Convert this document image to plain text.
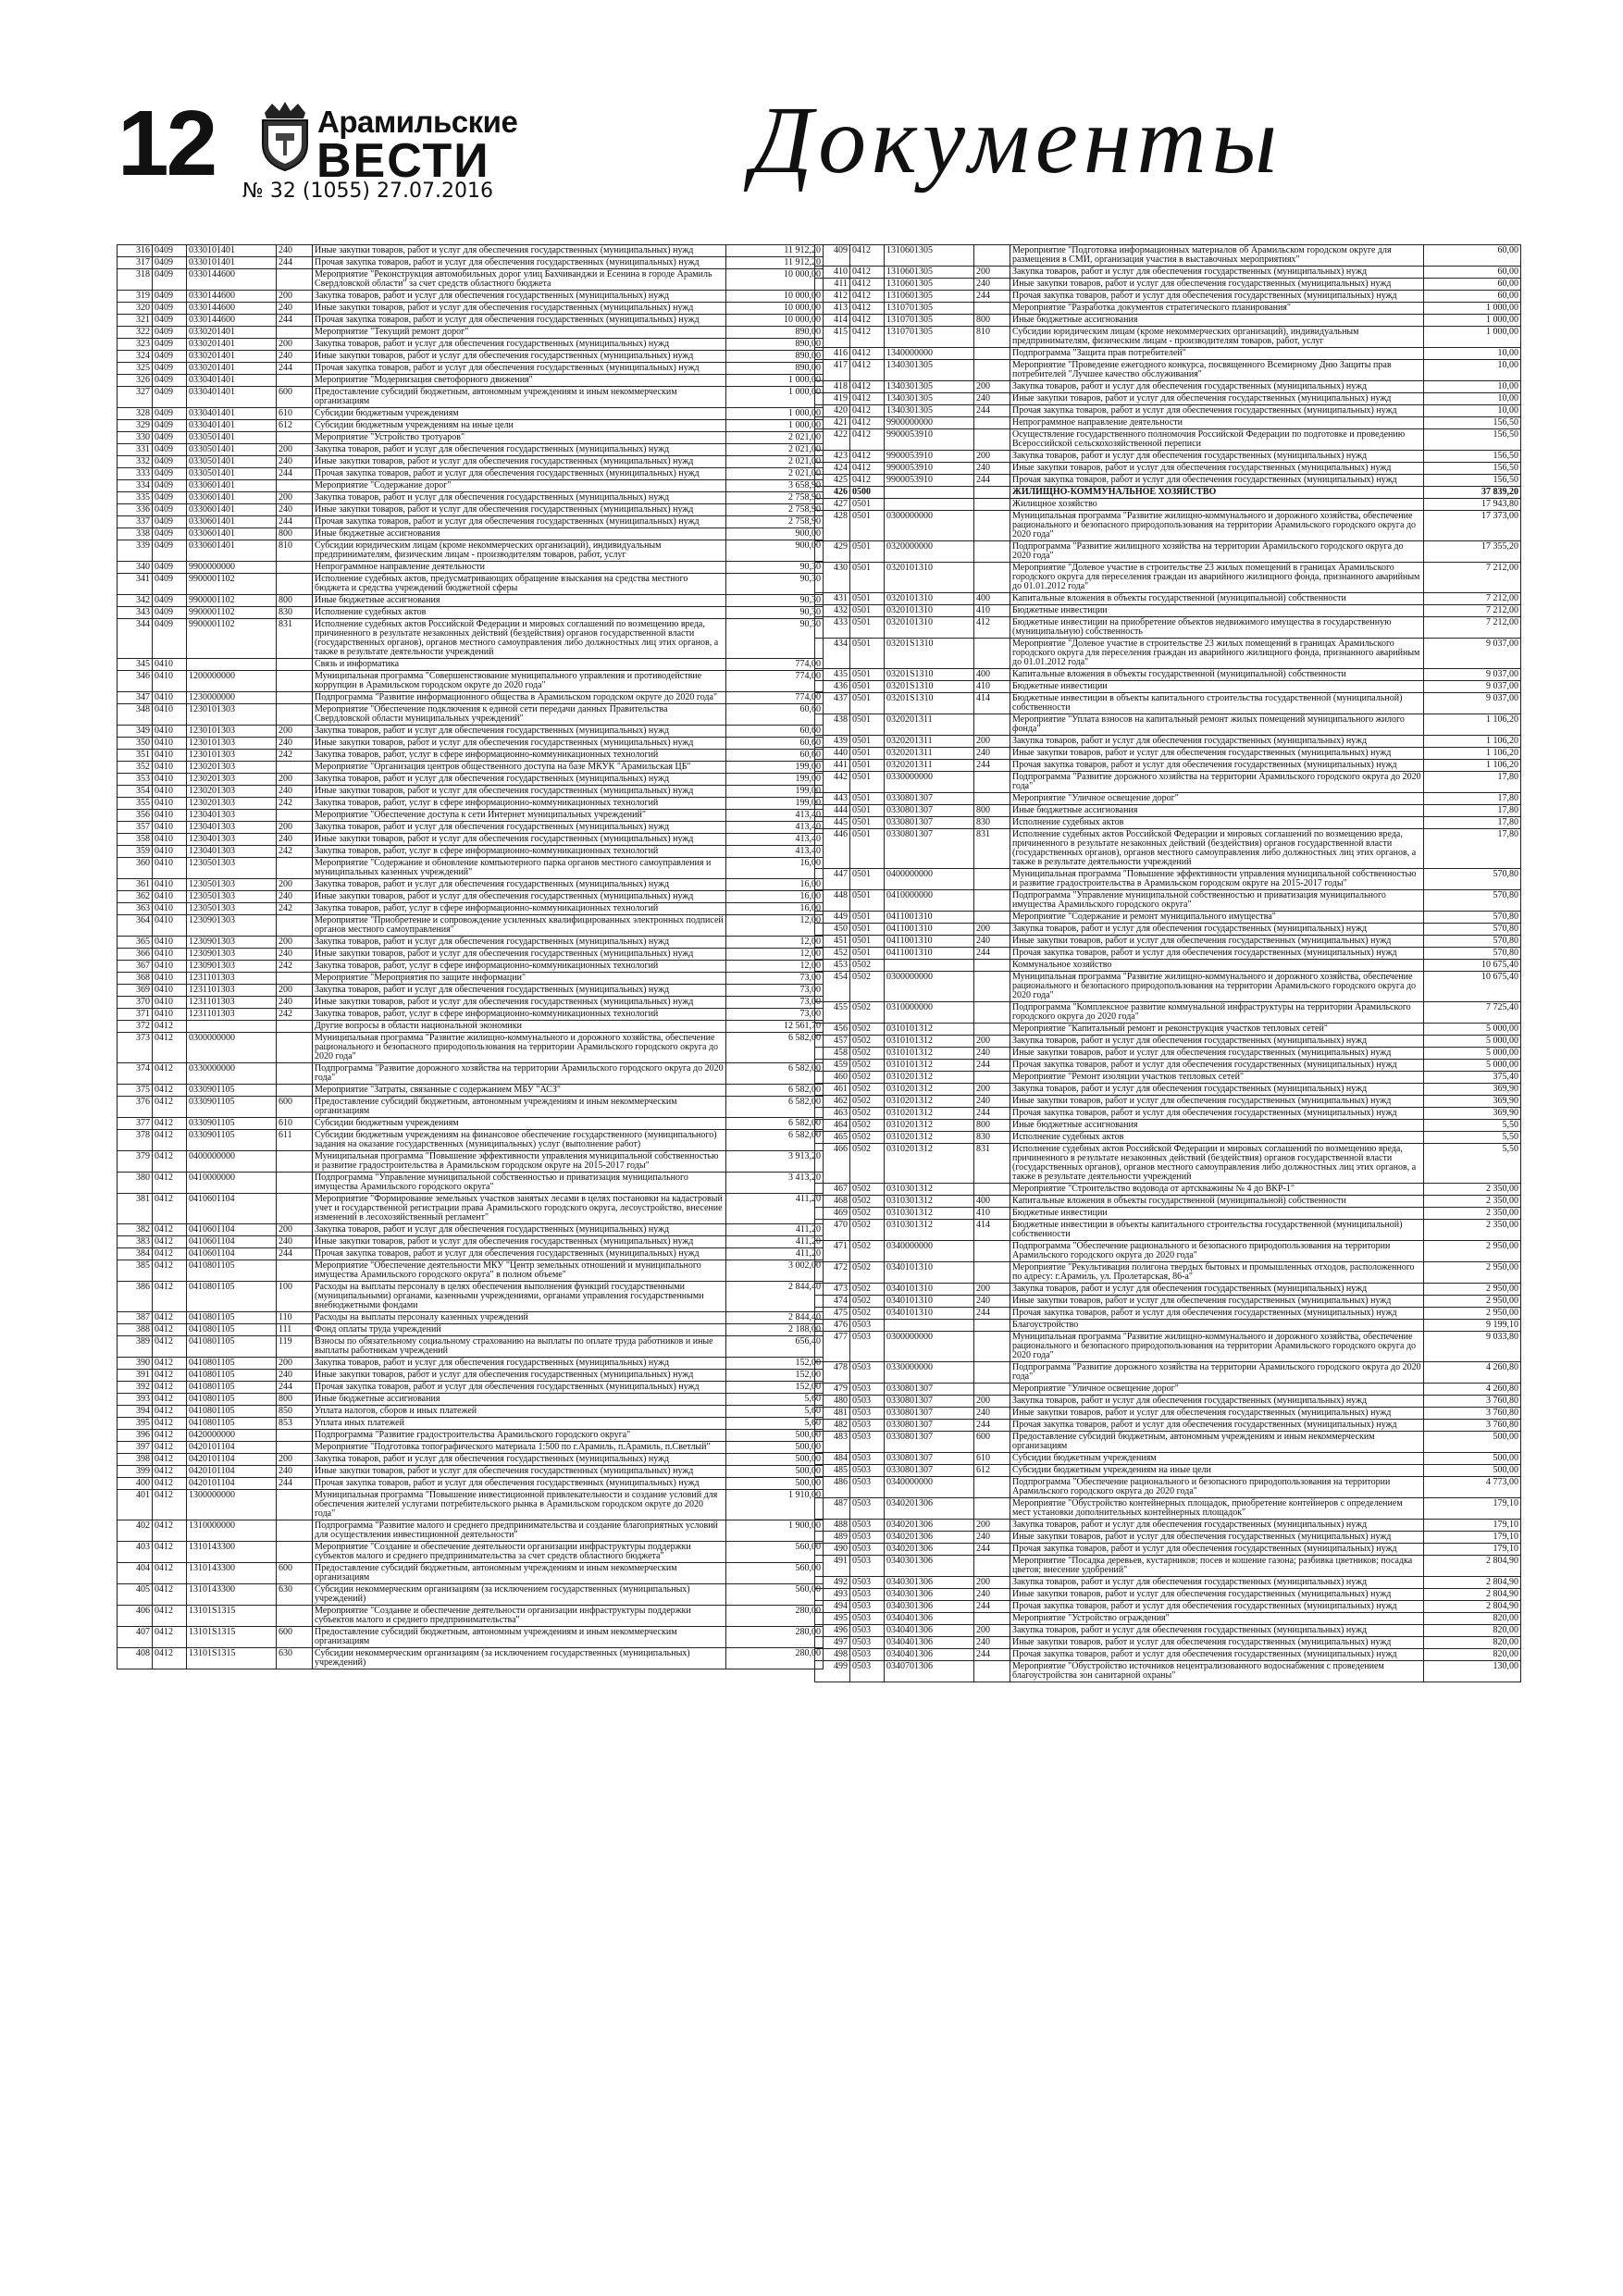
12	Арамильские
ВЕСТИ
№ 32 (1055) 27.07.2016	Документы
316	0409	0330101401	240	Иные закупки товаров, работ и услуг для обеспечения государственных (муниципальных) нужд	11 912,20
317	0409	0330101401	244	Прочая закупка товаров, работ и услуг для обеспечения государственных (муниципальных) нужд	11 912,20
318	0409	0330144600		Мероприятие "Реконструкция автомобильных дорог улиц Бахчиванджи и Есенина в городе Арамиль Свердловской области" за счет средств областного бюджета	10 000,00
319	0409	0330144600	200	Закупка товаров, работ и услуг для обеспечения государственных (муниципальных) нужд	10 000,00
320	0409	0330144600	240	Иные закупки товаров, работ и услуг для обеспечения государственных (муниципальных) нужд	10 000,00
321	0409	0330144600	244	Прочая закупка товаров, работ и услуг для обеспечения государственных (муниципальных) нужд	10 000,00
322	0409	0330201401		Мероприятие "Текущий ремонт дорог"	890,00
323	0409	0330201401	200	Закупка товаров, работ и услуг для обеспечения государственных (муниципальных) нужд	890,00
324	0409	0330201401	240	Иные закупки товаров, работ и услуг для обеспечения государственных (муниципальных) нужд	890,00
325	0409	0330201401	244	Прочая закупка товаров, работ и услуг для обеспечения государственных (муниципальных) нужд	890,00
326	0409	0330401401		Мероприятие "Модернизация светофорного движения"	1 000,00
327	0409	0330401401	600	Предоставление субсидий бюджетным, автономным учреждениям и иным некоммерческим организациям	1 000,00
328	0409	0330401401	610	Субсидии бюджетным учреждениям	1 000,00
329	0409	0330401401	612	Субсидии бюджетным учреждениям на иные цели	1 000,00
330	0409	0330501401		Мероприятие "Устройство тротуаров"	2 021,00
331	0409	0330501401	200	Закупка товаров, работ и услуг для обеспечения государственных (муниципальных) нужд	2 021,00
332	0409	0330501401	240	Иные закупки товаров, работ и услуг для обеспечения государственных (муниципальных) нужд	2 021,00
333	0409	0330501401	244	Прочая закупка товаров, работ и услуг для обеспечения государственных (муниципальных) нужд	2 021,00
334	0409	0330601401		Мероприятие "Содержание дорог"	3 658,90
335	0409	0330601401	200	Закупка товаров, работ и услуг для обеспечения государственных (муниципальных) нужд	2 758,90
336	0409	0330601401	240	Иные закупки товаров, работ и услуг для обеспечения государственных (муниципальных) нужд	2 758,90
337	0409	0330601401	244	Прочая закупка товаров, работ и услуг для обеспечения государственных (муниципальных) нужд	2 758,90
338	0409	0330601401	800	Иные бюджетные ассигнования	900,00
339	0409	0330601401	810	Субсидии юридическим лицам (кроме некоммерческих организаций), индивидуальным предпринимателям, физическим лицам - производителям товаров, работ, услуг	900,00
340	0409	9900000000		Непрограммное направление деятельности	90,30
341	0409	9900001102		Исполнение судебных актов, предусматривающих обращение взыскания на средства местного бюджета и средства учреждений бюджетной сферы	90,30
342	0409	9900001102	800	Иные бюджетные ассигнования	90,30
343	0409	9900001102	830	Исполнение судебных актов	90,30
344	0409	9900001102	831	Исполнение судебных актов Российской Федерации и мировых соглашений по возмещению вреда, причиненного в результате незаконных действий (бездействия) органов государственной власти (государственных органов), органов местного самоуправления либо должностных лиц этих органов, а также в результате деятельности учреждений	90,30
345	0410			Связь и информатика	774,00
346	0410	1200000000		Муниципальная программа "Совершенствование муниципального управления и противодействие коррупции в Арамильском городском округе до 2020 года"	774,00
347	0410	1230000000		Подпрограмма "Развитие информационного общества в Арамильском городском округе до 2020 года"	774,00
348	0410	1230101303		Мероприятие "Обеспечение подключения к единой сети передачи данных Правительства Свердловской области муниципальных учреждений"	60,60
349	0410	1230101303	200	Закупка товаров, работ и услуг для обеспечения государственных (муниципальных) нужд	60,60
350	0410	1230101303	240	Иные закупки товаров, работ и услуг для обеспечения государственных (муниципальных) нужд	60,60
351	0410	1230101303	242	Закупка товаров, работ, услуг в сфере информационно-коммуникационных технологий	60,60
352	0410	1230201303		Мероприятие "Организация центров общественного доступа на базе МКУК "Арамильская ЦБ"	199,00
353	0410	1230201303	200	Закупка товаров, работ и услуг для обеспечения государственных (муниципальных) нужд	199,00
354	0410	1230201303	240	Иные закупки товаров, работ и услуг для обеспечения государственных (муниципальных) нужд	199,00
355	0410	1230201303	242	Закупка товаров, работ, услуг в сфере информационно-коммуникационных технологий	199,00
356	0410	1230401303		Мероприятие "Обеспечение доступа к сети Интернет муниципальных учреждений"	413,40
357	0410	1230401303	200	Закупка товаров, работ и услуг для обеспечения государственных (муниципальных) нужд	413,40
358	0410	1230401303	240	Иные закупки товаров, работ и услуг для обеспечения государственных (муниципальных) нужд	413,40
359	0410	1230401303	242	Закупка товаров, работ, услуг в сфере информационно-коммуникационных технологий	413,40
360	0410	1230501303		Мероприятие "Содержание и обновление компьютерного парка органов местного самоуправления и муниципальных казенных учреждений"	16,00
361	0410	1230501303	200	Закупка товаров, работ и услуг для обеспечения государственных (муниципальных) нужд	16,00
362	0410	1230501303	240	Иные закупки товаров, работ и услуг для обеспечения государственных (муниципальных) нужд	16,00
363	0410	1230501303	242	Закупка товаров, работ, услуг в сфере информационно-коммуникационных технологий	16,00
364	0410	1230901303		Мероприятие "Приобретение и сопровождение усиленных квалифицированных электронных подписей органов местного самоуправления"	12,00
365	0410	1230901303	200	Закупка товаров, работ и услуг для обеспечения государственных (муниципальных) нужд	12,00
366	0410	1230901303	240	Иные закупки товаров, работ и услуг для обеспечения государственных (муниципальных) нужд	12,00
367	0410	1230901303	242	Закупка товаров, работ, услуг в сфере информационно-коммуникационных технологий	12,00
368	0410	1231101303		Мероприятие "Мероприятия по защите информации"	73,00
369	0410	1231101303	200	Закупка товаров, работ и услуг для обеспечения государственных (муниципальных) нужд	73,00
370	0410	1231101303	240	Иные закупки товаров, работ и услуг для обеспечения государственных (муниципальных) нужд	73,00
371	0410	1231101303	242	Закупка товаров, работ, услуг в сфере информационно-коммуникационных технологий	73,00
372	0412			Другие вопросы в области национальной экономики	12 561,70
373	0412	0300000000		Муниципальная программа "Развитие жилищно-коммунального и дорожного хозяйства, обеспечение рационального и безопасного природопользования на территории Арамильского городского округа до 2020 года"	6 582,00
374	0412	0330000000		Подпрограмма "Развитие дорожного хозяйства на территории Арамильского городского округа до 2020 года"	6 582,00
375	0412	0330901105		Мероприятие "Затраты, связанные с содержанием МБУ "АСЗ"	6 582,00
376	0412	0330901105	600	Предоставление субсидий бюджетным, автономным учреждениям и иным некоммерческим организациям	6 582,00
377	0412	0330901105	610	Субсидии бюджетным учреждениям	6 582,00
378	0412	0330901105	611	Субсидии бюджетным учреждениям на финансовое обеспечение государственного (муниципального) задания на оказание государственных (муниципальных) услуг (выполнение работ)	6 582,00
379	0412	0400000000		Муниципальная программа "Повышение эффективности управления муниципальной собственностью и развитие градостроительства в Арамильском городском округе на 2015-2017 годы"	3 913,20
380	0412	0410000000		Подпрограмма "Управление муниципальной собственностью и приватизация муниципального имущества Арамильского городского округа"	3 413,20
381	0412	0410601104		Мероприятие "Формирование земельных участков занятых лесами в целях постановки на кадастровый учет и государственной регистрации права Арамильского городского округа, лесоустройство, внесение изменений в лесохозяйственный регламент"	411,20
382	0412	0410601104	200	Закупка товаров, работ и услуг для обеспечения государственных (муниципальных) нужд	411,20
383	0412	0410601104	240	Иные закупки товаров, работ и услуг для обеспечения государственных (муниципальных) нужд	411,20
384	0412	0410601104	244	Прочая закупка товаров, работ и услуг для обеспечения государственных (муниципальных) нужд	411,20
385	0412	0410801105		Мероприятие "Обеспечение деятельности МКУ "Центр земельных отношений и муниципального имущества Арамильского городского округа" в полном объеме"	3 002,00
386	0412	0410801105	100	Расходы на выплаты персоналу в целях обеспечения выполнения функций государственными (муниципальными) органами, казенными учреждениями, органами управления государственными внебюджетными фондами	2 844,40
387	0412	0410801105	110	Расходы на выплаты персоналу казенных учреждений	2 844,40
388	0412	0410801105	111	Фонд оплаты труда учреждений	2 188,00
389	0412	0410801105	119	Взносы по обязательному социальному страхованию на выплаты по оплате труда работников и иные выплаты работникам учреждений	656,40
390	0412	0410801105	200	Закупка товаров, работ и услуг для обеспечения государственных (муниципальных) нужд	152,00
391	0412	0410801105	240	Иные закупки товаров, работ и услуг для обеспечения государственных (муниципальных) нужд	152,00
392	0412	0410801105	244	Прочая закупка товаров, работ и услуг для обеспечения государственных (муниципальных) нужд	152,00
393	0412	0410801105	800	Иные бюджетные ассигнования	5,60
394	0412	0410801105	850	Уплата налогов, сборов и иных платежей	5,60
395	0412	0410801105	853	Уплата иных платежей	5,60
396	0412	0420000000		Подпрограмма "Развитие градостроительства Арамильского городского округа"	500,00
397	0412	0420101104		Мероприятие "Подготовка топографического материала 1:500 по г.Арамиль, п.Арамиль, п.Светлый"	500,00
398	0412	0420101104	200	Закупка товаров, работ и услуг для обеспечения государственных (муниципальных) нужд	500,00
399	0412	0420101104	240	Иные закупки товаров, работ и услуг для обеспечения государственных (муниципальных) нужд	500,00
400	0412	0420101104	244	Прочая закупка товаров, работ и услуг для обеспечения государственных (муниципальных) нужд	500,00
401	0412	1300000000		Муниципальная программа "Повышение инвестиционной привлекательности и создание условий для обеспечения жителей услугами потребительского рынка в Арамильском городском округе до 2020 года"	1 910,00
402	0412	1310000000		Подпрограмма "Развитие малого и среднего предпринимательства и создание благоприятных условий для осуществления инвестиционной деятельности"	1 900,00
403	0412	1310143300		Мероприятие "Создание и обеспечение деятельности организации инфраструктуры поддержки субъектов малого и среднего предпринимательства за счет средств областного бюджета"	560,00
404	0412	1310143300	600	Предоставление субсидий бюджетным, автономным учреждениям и иным некоммерческим организациям	560,00
405	0412	1310143300	630	Субсидии некоммерческим организациям (за исключением государственных (муниципальных) учреждений)	560,00
406	0412	13101S1315		Мероприятие "Создание и обеспечение деятельности организации инфраструктуры поддержки субъектов малого и среднего предпринимательства"	280,00
407	0412	13101S1315	600	Предоставление субсидий бюджетным, автономным учреждениям и иным некоммерческим организациям	280,00
408	0412	13101S1315	630	Субсидии некоммерческим организациям (за исключением государственных (муниципальных) учреждений)	280,00
409	0412	1310601305		Мероприятие "Подготовка информационных материалов об Арамильском городском округе для размещения в СМИ, организация участия в выставочных мероприятиях"	60,00
410	0412	1310601305	200	Закупка товаров, работ и услуг для обеспечения государственных (муниципальных) нужд	60,00
411	0412	1310601305	240	Иные закупки товаров, работ и услуг для обеспечения государственных (муниципальных) нужд	60,00
412	0412	1310601305	244	Прочая закупка товаров, работ и услуг для обеспечения государственных (муниципальных) нужд	60,00
413	0412	1310701305		Мероприятие "Разработка документов стратегического планирования"	1 000,00
414	0412	1310701305	800	Иные бюджетные ассигнования	1 000,00
415	0412	1310701305	810	Субсидии юридическим лицам (кроме некоммерческих организаций), индивидуальным предпринимателям, физическим лицам - производителям товаров, работ, услуг	1 000,00
416	0412	1340000000		Подпрограмма "Защита прав потребителей"	10,00
417	0412	1340301305		Мероприятие "Проведение ежегодного конкурса, посвященного Всемирному Дню Защиты прав потребителей "Лучшее качество обслуживания"	10,00
418	0412	1340301305	200	Закупка товаров, работ и услуг для обеспечения государственных (муниципальных) нужд	10,00
419	0412	1340301305	240	Иные закупки товаров, работ и услуг для обеспечения государственных (муниципальных) нужд	10,00
420	0412	1340301305	244	Прочая закупка товаров, работ и услуг для обеспечения государственных (муниципальных) нужд	10,00
421	0412	9900000000		Непрограммное направление деятельности	156,50
422	0412	9900053910		Осуществление государственного полномочия Российской Федерации по подготовке и проведению Всероссийской сельскохозяйственной переписи	156,50
423	0412	9900053910	200	Закупка товаров, работ и услуг для обеспечения государственных (муниципальных) нужд	156,50
424	0412	9900053910	240	Иные закупки товаров, работ и услуг для обеспечения государственных (муниципальных) нужд	156,50
425	0412	9900053910	244	Прочая закупка товаров, работ и услуг для обеспечения государственных (муниципальных) нужд	156,50
426	0500			ЖИЛИЩНО-КОММУНАЛЬНОЕ ХОЗЯЙСТВО	37 839,20
427	0501			Жилищное хозяйство	17 943,80
428	0501	0300000000		Муниципальная программа "Развитие жилищно-коммунального и дорожного хозяйства, обеспечение рационального и безопасного природопользования на территории Арамильского городского округа до 2020 года"	17 373,00
429	0501	0320000000		Подпрограмма "Развитие жилищного хозяйства на территории Арамильского городского округа до 2020 года"	17 355,20
430	0501	0320101310		Мероприятие "Долевое участие в строительстве 23 жилых помещений в границах Арамильского городского округа для переселения граждан из аварийного жилищного фонда, признанного аварийным до 01.01.2012 года"	7 212,00
431	0501	0320101310	400	Капитальные вложения в объекты государственной (муниципальной) собственности	7 212,00
432	0501	0320101310	410	Бюджетные инвестиции	7 212,00
433	0501	0320101310	412	Бюджетные инвестиции на приобретение объектов недвижимого имущества в государственную (муниципальную) собственность	7 212,00
434	0501	03201S1310		Мероприятие "Долевое участие в строительстве 23 жилых помещений в границах Арамильского городского округа для переселения граждан из аварийного жилищного фонда, признанного аварийным до 01.01.2012 года"	9 037,00
435	0501	03201S1310	400	Капитальные вложения в объекты государственной (муниципальной) собственности	9 037,00
436	0501	03201S1310	410	Бюджетные инвестиции	9 037,00
437	0501	03201S1310	414	Бюджетные инвестиции в объекты капитального строительства государственной (муниципальной) собственности	9 037,00
438	0501	0320201311		Мероприятие "Уплата взносов на капитальный ремонт жилых помещений муниципального жилого фонда"	1 106,20
439	0501	0320201311	200	Закупка товаров, работ и услуг для обеспечения государственных (муниципальных) нужд	1 106,20
440	0501	0320201311	240	Иные закупки товаров, работ и услуг для обеспечения государственных (муниципальных) нужд	1 106,20
441	0501	0320201311	244	Прочая закупка товаров, работ и услуг для обеспечения государственных (муниципальных) нужд	1 106,20
442	0501	0330000000		Подпрограмма "Развитие дорожного хозяйства на территории Арамильского городского округа до 2020 года"	17,80
443	0501	0330801307		Мероприятие "Уличное освещение дорог"	17,80
444	0501	0330801307	800	Иные бюджетные ассигнования	17,80
445	0501	0330801307	830	Исполнение судебных актов	17,80
446	0501	0330801307	831	Исполнение судебных актов Российской Федерации и мировых соглашений по возмещению вреда, причиненного в результате незаконных действий (бездействия) органов государственной власти (государственных органов), органов местного самоуправления либо должностных лиц этих органов, а также в результате деятельности учреждений	17,80
447	0501	0400000000		Муниципальная программа "Повышение эффективности управления муниципальной собственностью и развитие градостроительства в Арамильском городском округе на 2015-2017 годы"	570,80
448	0501	0410000000		Подпрограмма "Управление муниципальной собственностью и приватизация муниципального имущества Арамильского городского округа"	570,80
449	0501	0411001310		Мероприятие "Содержание и ремонт муниципального имущества"	570,80
450	0501	0411001310	200	Закупка товаров, работ и услуг для обеспечения государственных (муниципальных) нужд	570,80
451	0501	0411001310	240	Иные закупки товаров, работ и услуг для обеспечения государственных (муниципальных) нужд	570,80
452	0501	0411001310	244	Прочая закупка товаров, работ и услуг для обеспечения государственных (муниципальных) нужд	570,80
453	0502			Коммунальное хозяйство	10 675,40
454	0502	0300000000		Муниципальная программа "Развитие жилищно-коммунального и дорожного хозяйства, обеспечение рационального и безопасного природопользования на территории Арамильского городского округа до 2020 года"	10 675,40
455	0502	0310000000		Подпрограмма "Комплексное развитие коммунальной инфраструктуры на территории Арамильского городского округа до 2020 года"	7 725,40
456	0502	0310101312		Мероприятие "Капитальный ремонт и реконструкция участков тепловых сетей"	5 000,00
457	0502	0310101312	200	Закупка товаров, работ и услуг для обеспечения государственных (муниципальных) нужд	5 000,00
458	0502	0310101312	240	Иные закупки товаров, работ и услуг для обеспечения государственных (муниципальных) нужд	5 000,00
459	0502	0310101312	244	Прочая закупка товаров, работ и услуг для обеспечения государственных (муниципальных) нужд	5 000,00
460	0502	0310201312		Мероприятие "Ремонт изоляции участков тепловых сетей"	375,40
461	0502	0310201312	200	Закупка товаров, работ и услуг для обеспечения государственных (муниципальных) нужд	369,90
462	0502	0310201312	240	Иные закупки товаров, работ и услуг для обеспечения государственных (муниципальных) нужд	369,90
463	0502	0310201312	244	Прочая закупка товаров, работ и услуг для обеспечения государственных (муниципальных) нужд	369,90
464	0502	0310201312	800	Иные бюджетные ассигнования	5,50
465	0502	0310201312	830	Исполнение судебных актов	5,50
466	0502	0310201312	831	Исполнение судебных актов Российской Федерации и мировых соглашений по возмещению вреда, причиненного в результате незаконных действий (бездействия) органов государственной власти (государственных органов), органов местного самоуправления либо должностных лиц этих органов, а также в результате деятельности учреждений	5,50
467	0502	0310301312		Мероприятие "Строительство водовода от артскважины № 4 до ВКР-1"	2 350,00
468	0502	0310301312	400	Капитальные вложения в объекты государственной (муниципальной) собственности	2 350,00
469	0502	0310301312	410	Бюджетные инвестиции	2 350,00
470	0502	0310301312	414	Бюджетные инвестиции в объекты капитального строительства государственной (муниципальной) собственности	2 350,00
471	0502	0340000000		Подпрограмма "Обеспечение рационального и безопасного природопользования на территории Арамильского городского округа до 2020 года"	2 950,00
472	0502	0340101310		Мероприятие "Рекультивация полигона твердых бытовых и промышленных отходов, расположенного по адресу: г.Арамиль, ул. Пролетарская, 86-а"	2 950,00
473	0502	0340101310	200	Закупка товаров, работ и услуг для обеспечения государственных (муниципальных) нужд	2 950,00
474	0502	0340101310	240	Иные закупки товаров, работ и услуг для обеспечения государственных (муниципальных) нужд	2 950,00
475	0502	0340101310	244	Прочая закупка товаров, работ и услуг для обеспечения государственных (муниципальных) нужд	2 950,00
476	0503			Благоустройство	9 199,10
477	0503	0300000000		Муниципальная программа "Развитие жилищно-коммунального и дорожного хозяйства, обеспечение рационального и безопасного природопользования на территории Арамильского городского округа до 2020 года"	9 033,80
478	0503	0330000000		Подпрограмма "Развитие дорожного хозяйства на территории Арамильского городского округа до 2020 года"	4 260,80
479	0503	0330801307		Мероприятие "Уличное освещение дорог"	4 260,80
480	0503	0330801307	200	Закупка товаров, работ и услуг для обеспечения государственных (муниципальных) нужд	3 760,80
481	0503	0330801307	240	Иные закупки товаров, работ и услуг для обеспечения государственных (муниципальных) нужд	3 760,80
482	0503	0330801307	244	Прочая закупка товаров, работ и услуг для обеспечения государственных (муниципальных) нужд	3 760,80
483	0503	0330801307	600	Предоставление субсидий бюджетным, автономным учреждениям и иным некоммерческим организациям	500,00
484	0503	0330801307	610	Субсидии бюджетным учреждениям	500,00
485	0503	0330801307	612	Субсидии бюджетным учреждениям на иные цели	500,00
486	0503	0340000000		Подпрограмма "Обеспечение рационального и безопасного природопользования на территории Арамильского городского округа до 2020 года"	4 773,00
487	0503	0340201306		Мероприятие "Обустройство контейнерных площадок, приобретение контейнеров с определением мест установки дополнительных контейнерных площадок"	179,10
488	0503	0340201306	200	Закупка товаров, работ и услуг для обеспечения государственных (муниципальных) нужд	179,10
489	0503	0340201306	240	Иные закупки товаров, работ и услуг для обеспечения государственных (муниципальных) нужд	179,10
490	0503	0340201306	244	Прочая закупка товаров, работ и услуг для обеспечения государственных (муниципальных) нужд	179,10
491	0503	0340301306		Мероприятие "Посадка деревьев, кустарников; посев и кошение газона; разбивка цветников; посадка цветов; внесение удобрений"	2 804,90
492	0503	0340301306	200	Закупка товаров, работ и услуг для обеспечения государственных (муниципальных) нужд	2 804,90
493	0503	0340301306	240	Иные закупки товаров, работ и услуг для обеспечения государственных (муниципальных) нужд	2 804,90
494	0503	0340301306	244	Прочая закупка товаров, работ и услуг для обеспечения государственных (муниципальных) нужд	2 804,90
495	0503	0340401306		Мероприятие "Устройство ограждения"	820,00
496	0503	0340401306	200	Закупка товаров, работ и услуг для обеспечения государственных (муниципальных) нужд	820,00
497	0503	0340401306	240	Иные закупки товаров, работ и услуг для обеспечения государственных (муниципальных) нужд	820,00
498	0503	0340401306	244	Прочая закупка товаров, работ и услуг для обеспечения государственных (муниципальных) нужд	820,00
499	0503	0340701306		Мероприятие "Обустройство источников нецентрализованного водоснабжения с проведением благоустройства зон санитарной охраны"	130,00
